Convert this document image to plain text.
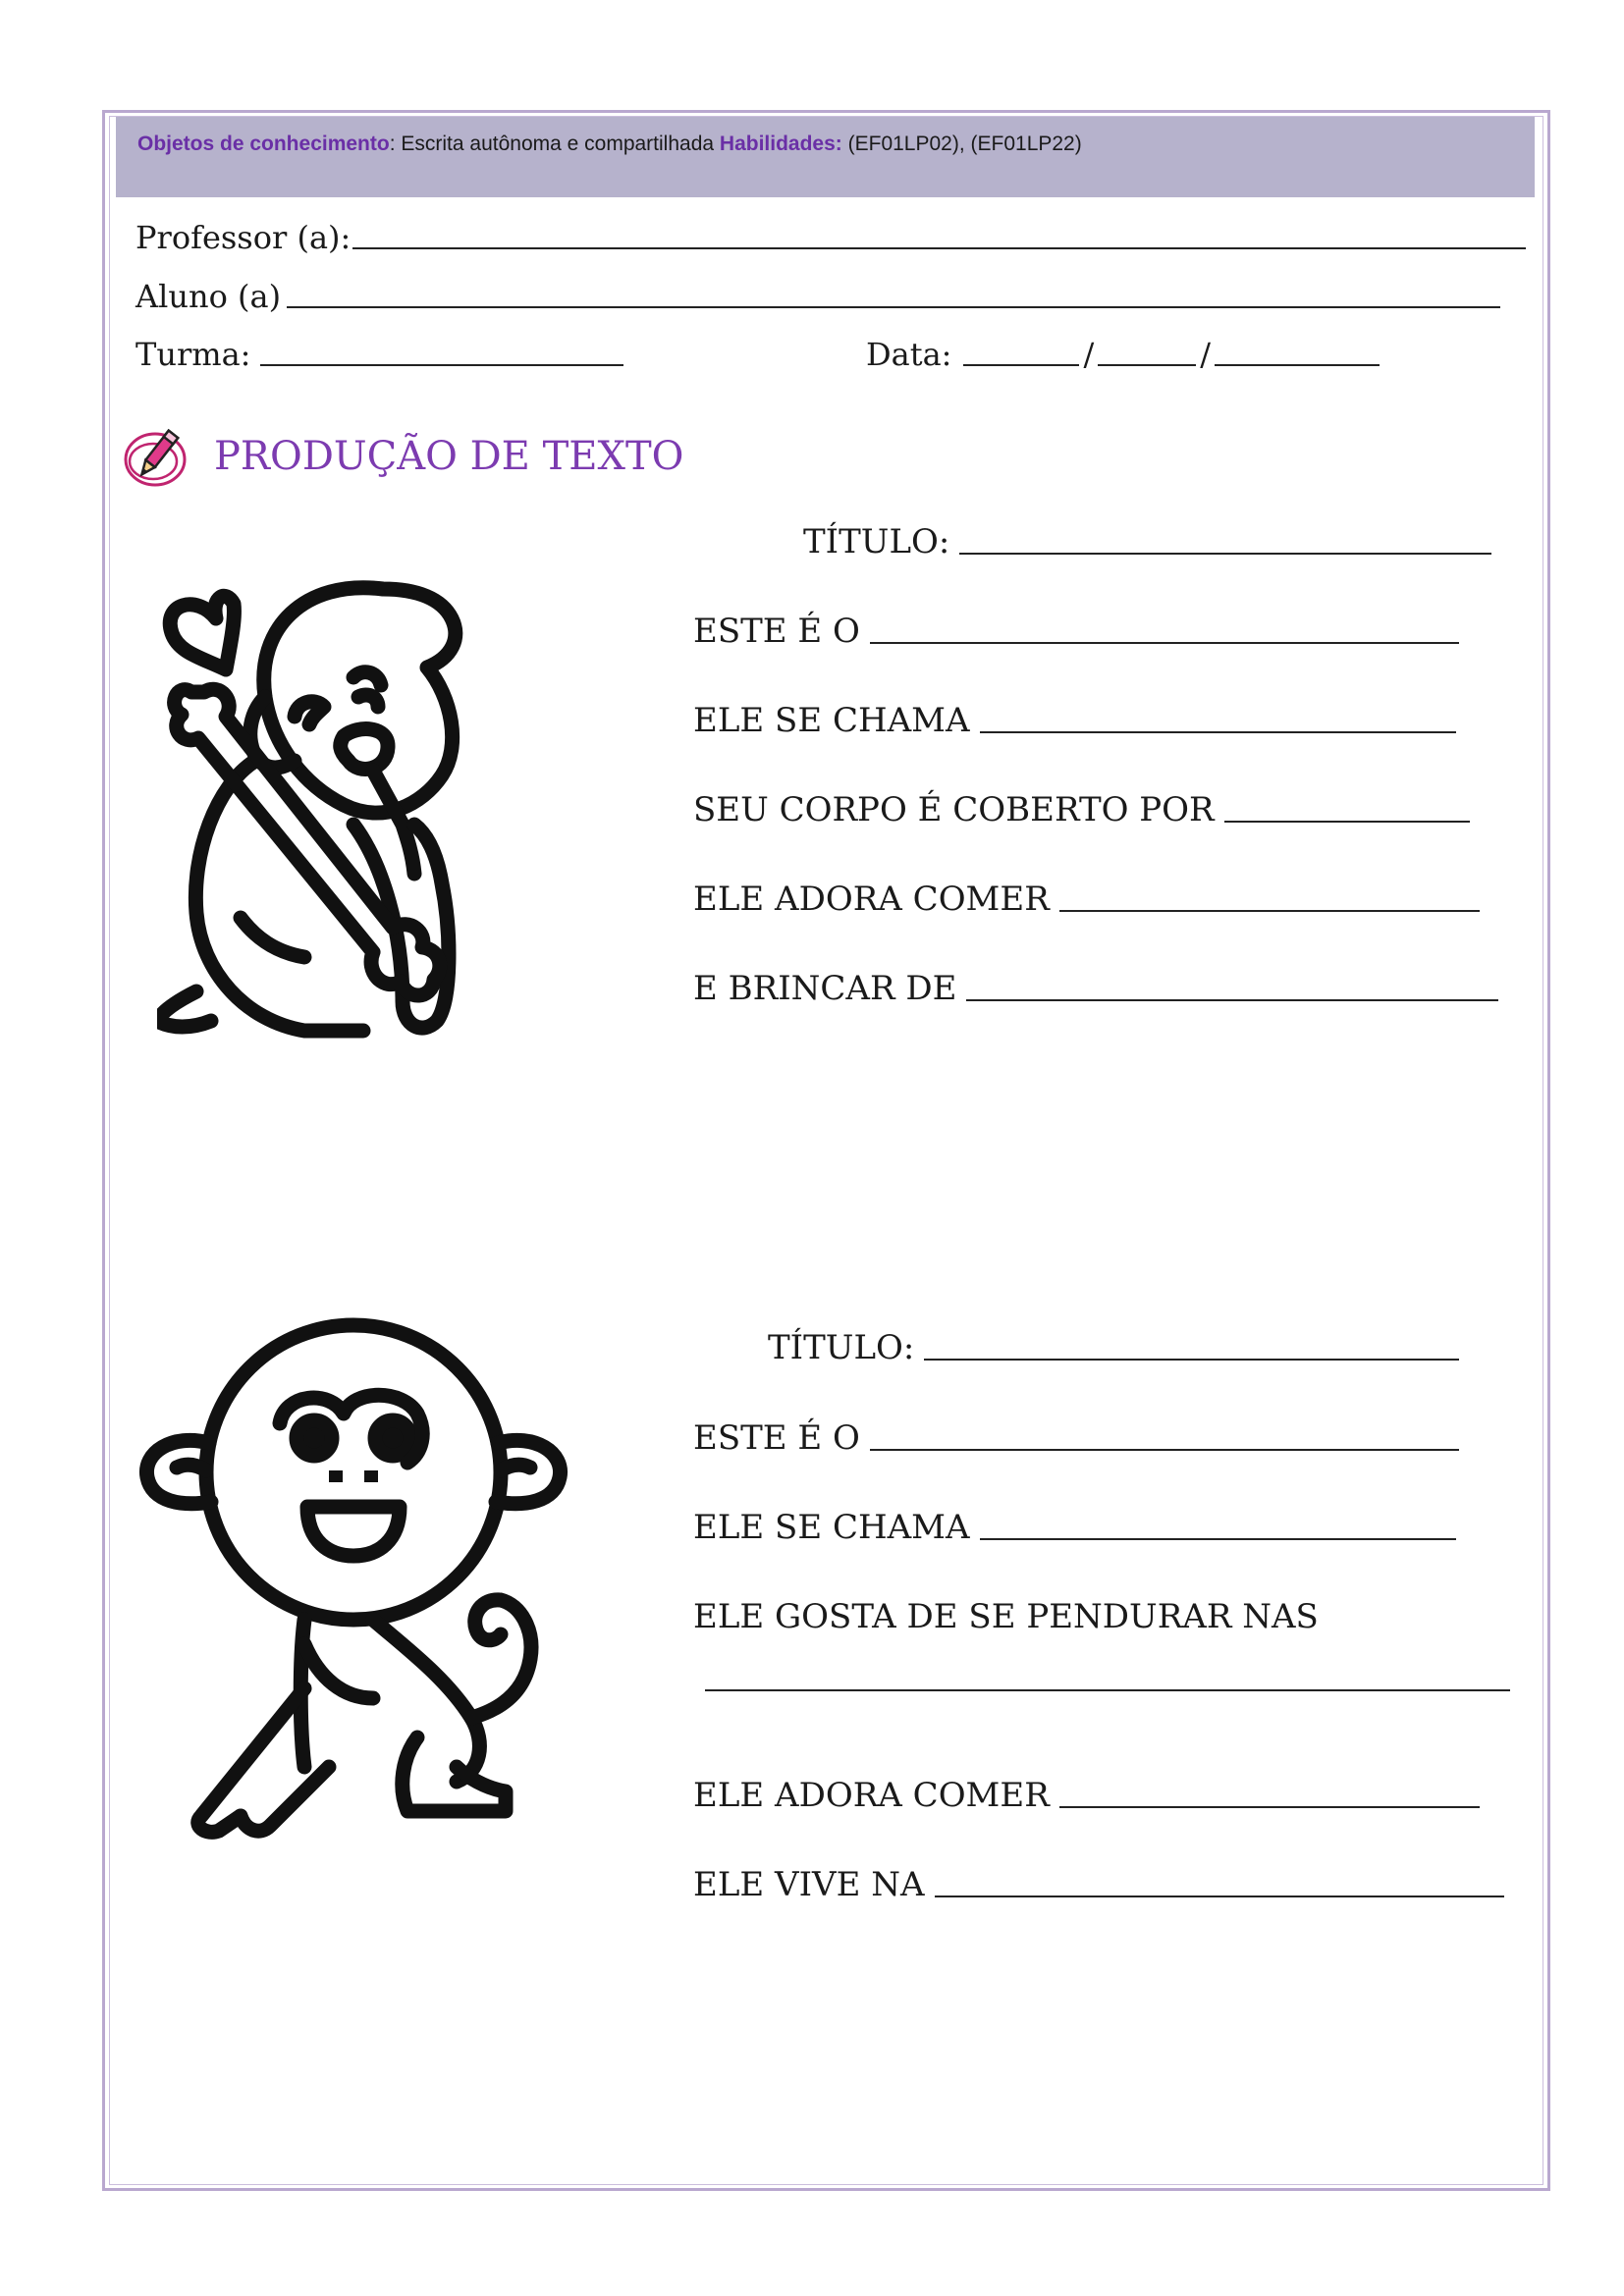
Objetos de conhecimento: Escrita autônoma e compartilhada Habilidades: (EF01LP02), (EF01LP22)
Professor (a):
Aluno (a)
Turma:	Data:	/	/
PRODUÇÃO DE TEXTO
TÍTULO:
ESTE É O
ELE SE CHAMA
SEU CORPO É COBERTO POR
ELE ADORA COMER
E BRINCAR DE
TÍTULO:
ESTE É O
ELE SE CHAMA
ELE GOSTA DE SE PENDURAR NAS
ELE ADORA COMER
ELE VIVE NA
